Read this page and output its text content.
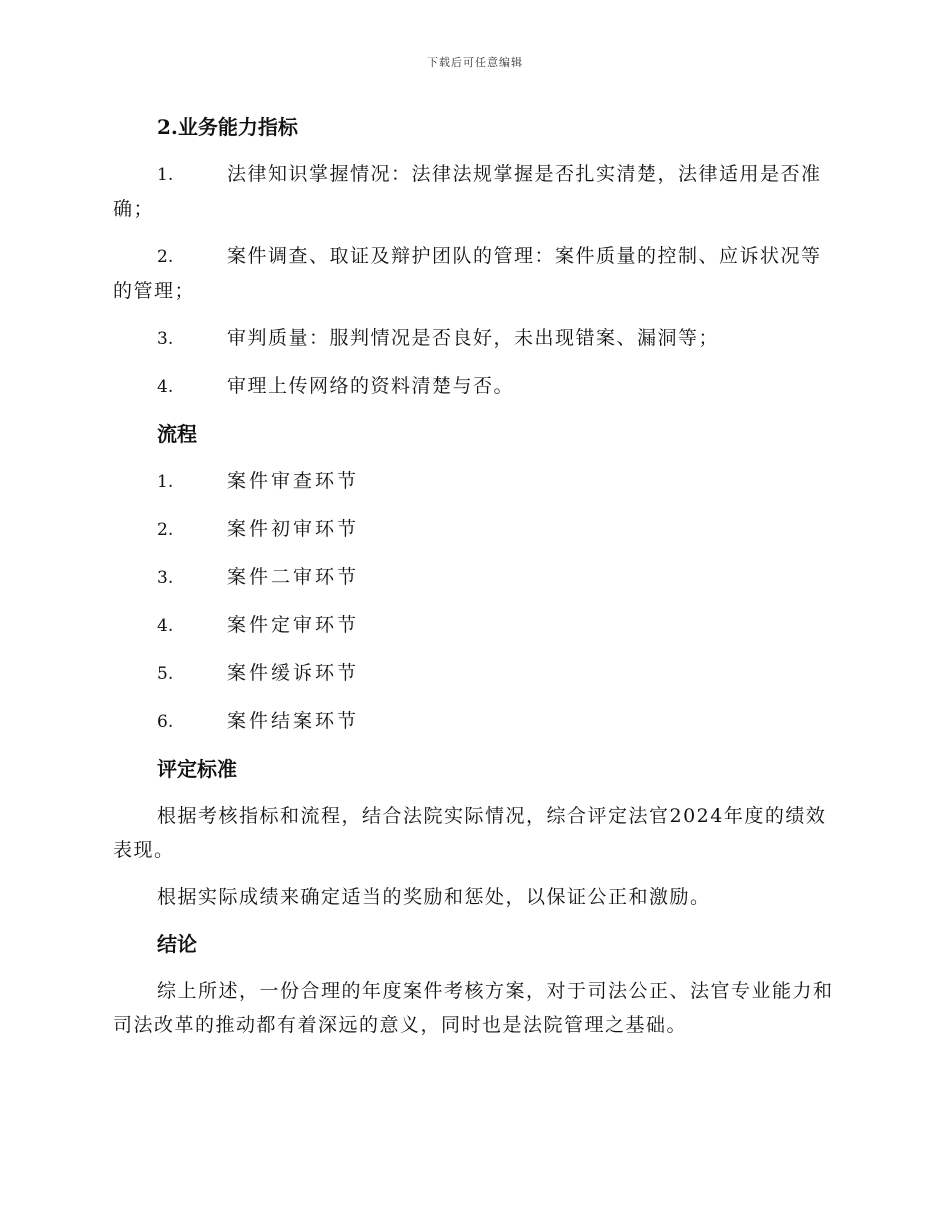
下载后可任意编辑
2.业务能力指标
1.	法律知识掌握情况：法律法规掌握是否扎实清楚，法律适用是否准确；
2.	案件调查、取证及辩护团队的管理：案件质量的控制、应诉状况等的管理；
3.	审判质量：服判情况是否良好，未出现错案、漏洞等；
4.	审理上传网络的资料清楚与否。
流程
1.	案件审查环节
2.	案件初审环节
3.	案件二审环节
4.	案件定审环节
5.	案件缓诉环节
6.	案件结案环节
评定标准
根据考核指标和流程，结合法院实际情况，综合评定法官2024年度的绩效表现。
根据实际成绩来确定适当的奖励和惩处，以保证公正和激励。
结论
综上所述，一份合理的年度案件考核方案，对于司法公正、法官专业能力和司法改革的推动都有着深远的意义，同时也是法院管理之基础。
